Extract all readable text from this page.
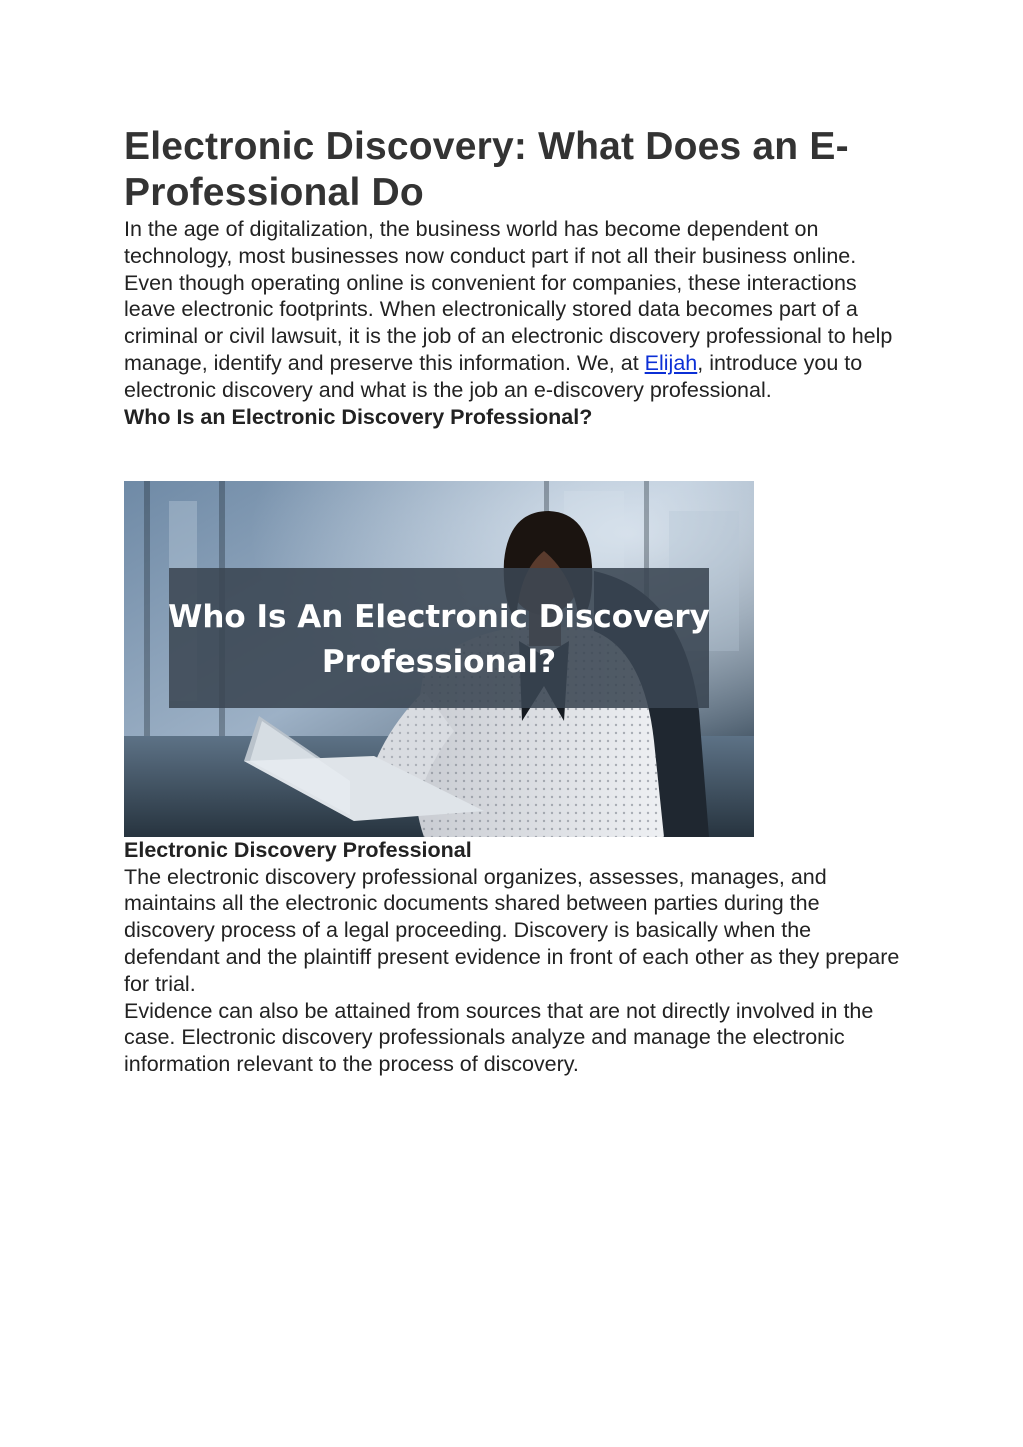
Electronic Discovery: What Does an E-Professional Do

In the age of digitalization, the business world has become dependent on technology, most businesses now conduct part if not all their business online. Even though operating online is convenient for companies, these interactions leave electronic footprints. When electronically stored data becomes part of a criminal or civil lawsuit, it is the job of an electronic discovery professional to help manage, identify and preserve this information. We, at Elijah, introduce you to electronic discovery and what is the job an e-discovery professional.

Who Is an Electronic Discovery Professional?
Who Is An Electronic Discovery
Professional?
Electronic Discovery Professional

The electronic discovery professional organizes, assesses, manages, and maintains all the electronic documents shared between parties during the discovery process of a legal proceeding. Discovery is basically when the defendant and the plaintiff present evidence in front of each other as they prepare for trial.

Evidence can also be attained from sources that are not directly involved in the case. Electronic discovery professionals analyze and manage the electronic information relevant to the process of discovery.
